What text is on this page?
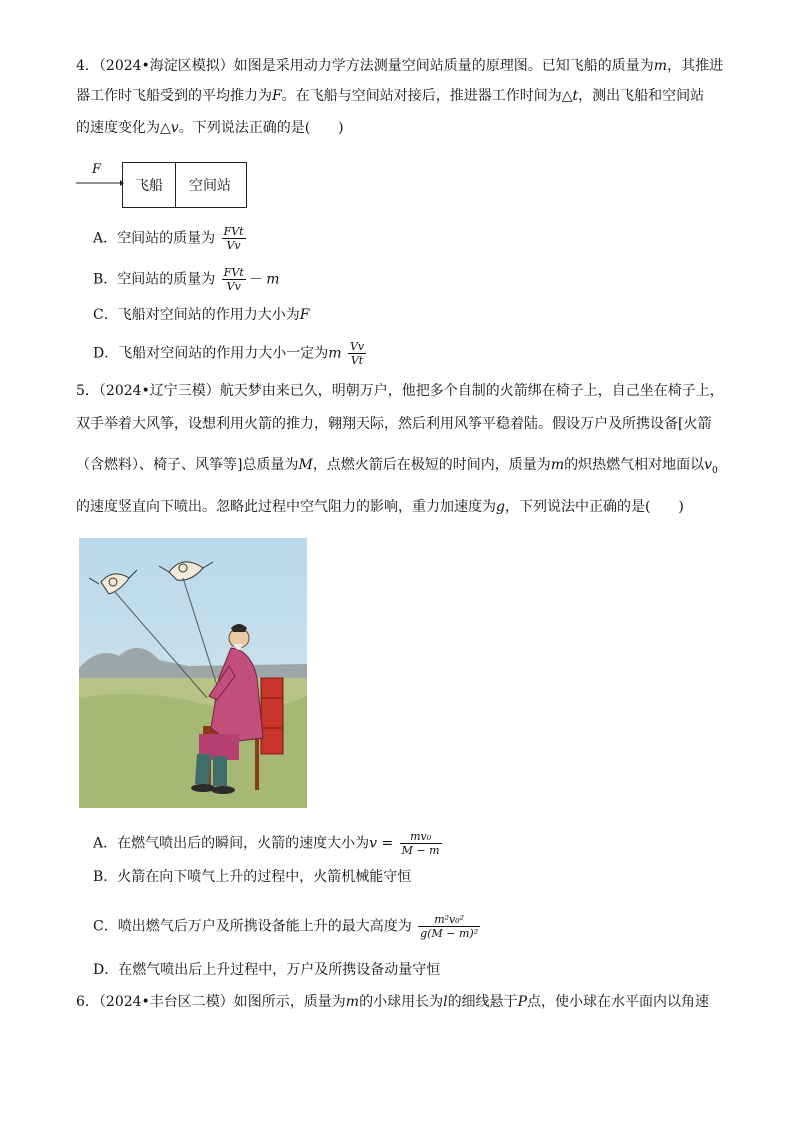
4．（2024•海淀区模拟）如图是采用动力学方法测量空间站质量的原理图。已知飞船的质量为m，其推进
器工作时飞船受到的平均推力为F。在飞船与空间站对接后，推进器工作时间为△t，测出飞船和空间站
的速度变化为△v。下列说法正确的是(　　)
F
飞船 空间站
A．空间站的质量为 $\frac{\text{FVt}}{Vv}$
B．空间站的质量为 $\frac{\text{FVt}}{Vv} - m$
C．飞船对空间站的作用力大小为F
D．飞船对空间站的作用力大小一定为m $\frac{Vv}{Vt}$
5．（2024•辽宁三模）航天梦由来已久，明朝万户，他把多个自制的火箭绑在椅子上，自己坐在椅子上，
双手举着大风筝，设想利用火箭的推力，翱翔天际，然后利用风筝平稳着陆。假设万户及所携设备[火箭
（含燃料）、椅子、风筝等]总质量为M，点燃火箭后在极短的时间内，质量为m的炽热燃气相对地面以$v_0$
的速度竖直向下喷出。忽略此过程中空气阻力的影响，重力加速度为g，下列说法中正确的是(　　)
A．在燃气喷出后的瞬间，火箭的速度大小为$v = \frac{\text{mv₀}}{M - m}$
B．火箭在向下喷气上升的过程中，火箭机械能守恒
C．喷出燃气后万户及所携设备能上升的最大高度为 $\frac{\text{m²v₀²}}{\text{g(M − m)²}}$
D．在燃气喷出后上升过程中，万户及所携设备动量守恒
6．（2024•丰台区二模）如图所示，质量为m的小球用长为l的细线悬于P点，使小球在水平面内以角速
